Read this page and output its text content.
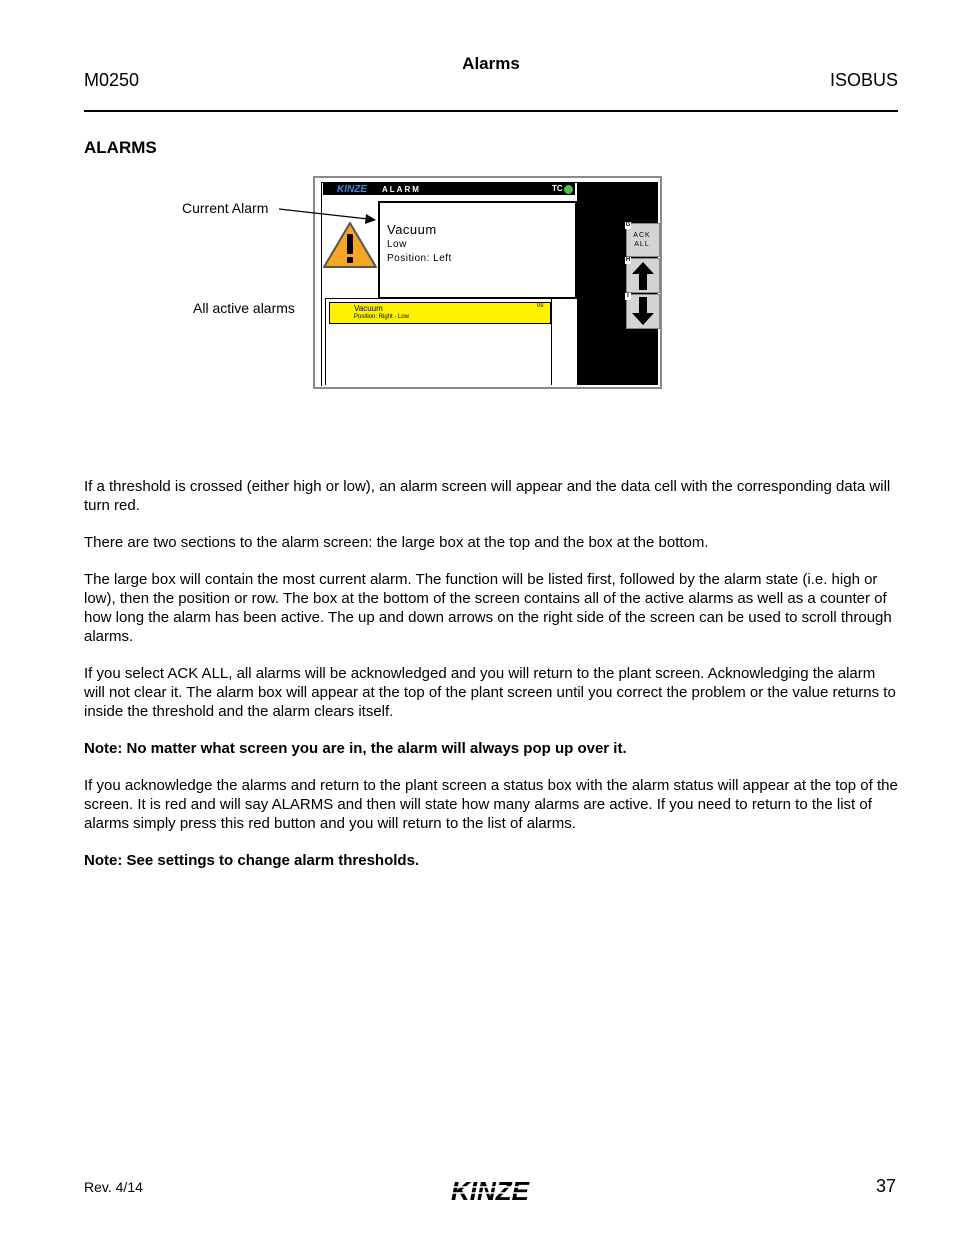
Alarms
M0250	ISOBUS
ALARMS
Current Alarm
All active alarms
KINZE ALARM	TC
Vacuum
Low
Position: Left
Vacuum
Position: Right - Low
0s
ACK
ALL
G
H
I
If a threshold is crossed (either high or low), an alarm screen will appear and the data cell with the corresponding data will turn red.
There are two sections to the alarm screen: the large box at the top and the box at the bottom.
The large box will contain the most current alarm. The function will be listed first, followed by the alarm state (i.e. high or low), then the position or row. The box at the bottom of the screen contains all of the active alarms as well as a counter of how long the alarm has been active. The up and down arrows on the right side of the screen can be used to scroll through alarms.
If you select ACK ALL, all alarms will be acknowledged and you will return to the plant screen. Acknowledging the alarm will not clear it. The alarm box will appear at the top of the plant screen until you correct the problem or the value returns to inside the threshold and the alarm clears itself.
Note: No matter what screen you are in, the alarm will always pop up over it.
If you acknowledge the alarms and return to the plant screen a status box with the alarm status will appear at the top of the screen. It is red and will say ALARMS and then will state how many alarms are active. If you need to return to the list of alarms simply press this red button and you will return to the list of alarms.
Note: See settings to change alarm thresholds.
Rev. 4/14	KINZE	37
